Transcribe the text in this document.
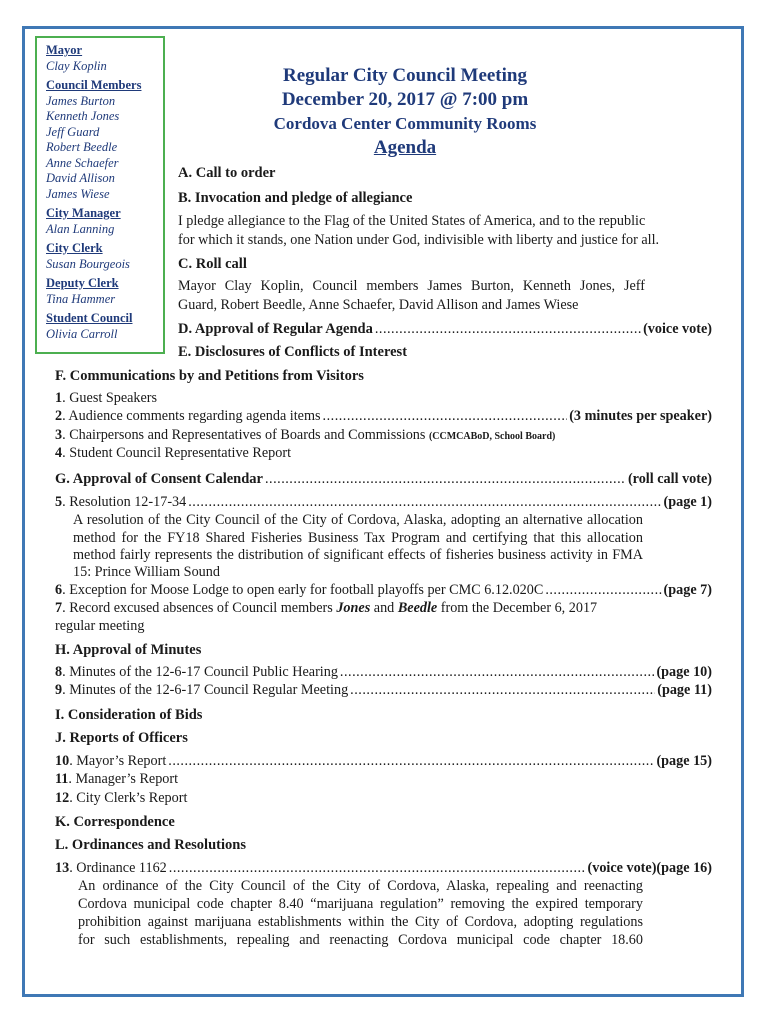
Mayor
Clay Koplin
Council Members
James Burton
Kenneth Jones
Jeff Guard
Robert Beedle
Anne Schaefer
David Allison
James Wiese
City Manager
Alan Lanning
City Clerk
Susan Bourgeois
Deputy Clerk
Tina Hammer
Student Council
Olivia Carroll
Regular City Council Meeting
December 20, 2017 @ 7:00 pm
Cordova Center Community Rooms
Agenda
A. Call to order
B. Invocation and pledge of allegiance
I pledge allegiance to the Flag of the United States of America, and to the republic
for which it stands, one Nation under God, indivisible with liberty and justice for all.
C. Roll call
Mayor Clay Koplin, Council members James Burton, Kenneth Jones, Jeff
Guard, Robert Beedle, Anne Schaefer, David Allison and James Wiese
D. Approval of Regular Agenda .....	(voice vote)
E. Disclosures of Conflicts of Interest
F. Communications by and Petitions from Visitors
1 . Guest Speakers
2 . Audience comments regarding agenda items .....	(3 minutes per speaker)
3 . Chairpersons and Representatives of Boards and Commissions
(CCMCABoD, School Board)
4 . Student Council Representative Report
G. Approval of Consent Calendar .....	(roll call vote)
5 . Resolution 12-17-34 .....	(page 1)
A resolution of the City Council of the City of Cordova, Alaska, adopting an alternative allocation
method for the FY18 Shared Fisheries Business Tax Program and certifying that this allocation
method fairly represents the distribution of significant effects of fisheries business activity in FMA
15: Prince William Sound
6 . Exception for Moose Lodge to open early for football playoffs per CMC 6.12.020C .....	(page 7)
7 . Record excused absences of Council members Jones and Beedle from the December 6, 2017
regular meeting
H. Approval of Minutes
8 . Minutes of the 12-6-17 Council Public Hearing .....	(page 10)
9 . Minutes of the 12-6-17 Council Regular Meeting .....	(page 11)
I. Consideration of Bids
J. Reports of Officers
10 . Mayor’s Report .....	(page 15)
11 . Manager’s Report
12 . City Clerk’s Report
K. Correspondence
L. Ordinances and Resolutions
13 . Ordinance 1162 .....	(voice vote)(page 16)
An ordinance of the City Council of the City of Cordova, Alaska, repealing and reenacting
Cordova municipal code chapter 8.40 “marijuana regulation” removing the expired temporary
prohibition against marijuana establishments within the City of Cordova, adopting regulations
for such establishments, repealing and reenacting Cordova municipal code chapter 18.60
